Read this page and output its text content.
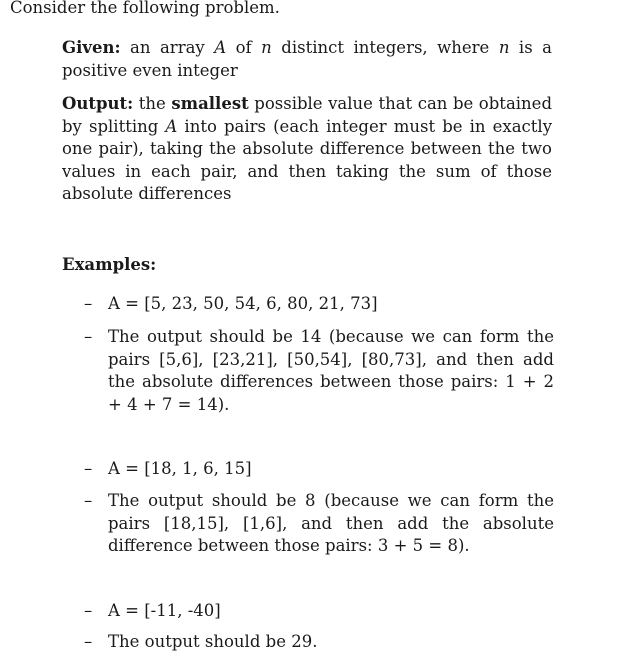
Consider the following problem.

Given: an array A of n distinct integers, where n is a positive even integer

Output: the smallest possible value that can be obtained by splitting A into pairs (each integer must be in exactly one pair), taking the absolute difference between the two values in each pair, and then taking the sum of those absolute differences

Examples:

– A = [5, 23, 50, 54, 6, 80, 21, 73]
– The output should be 14 (because we can form the pairs [5,6], [23,21], [50,54], [80,73], and then add the absolute differences between those pairs: 1 + 2 + 4 + 7 = 14).
– A = [18, 1, 6, 15]
– The output should be 8 (because we can form the pairs [18,15], [1,6], and then add the absolute difference between those pairs: 3 + 5 = 8).
– A = [-11, -40]
– The output should be 29.
